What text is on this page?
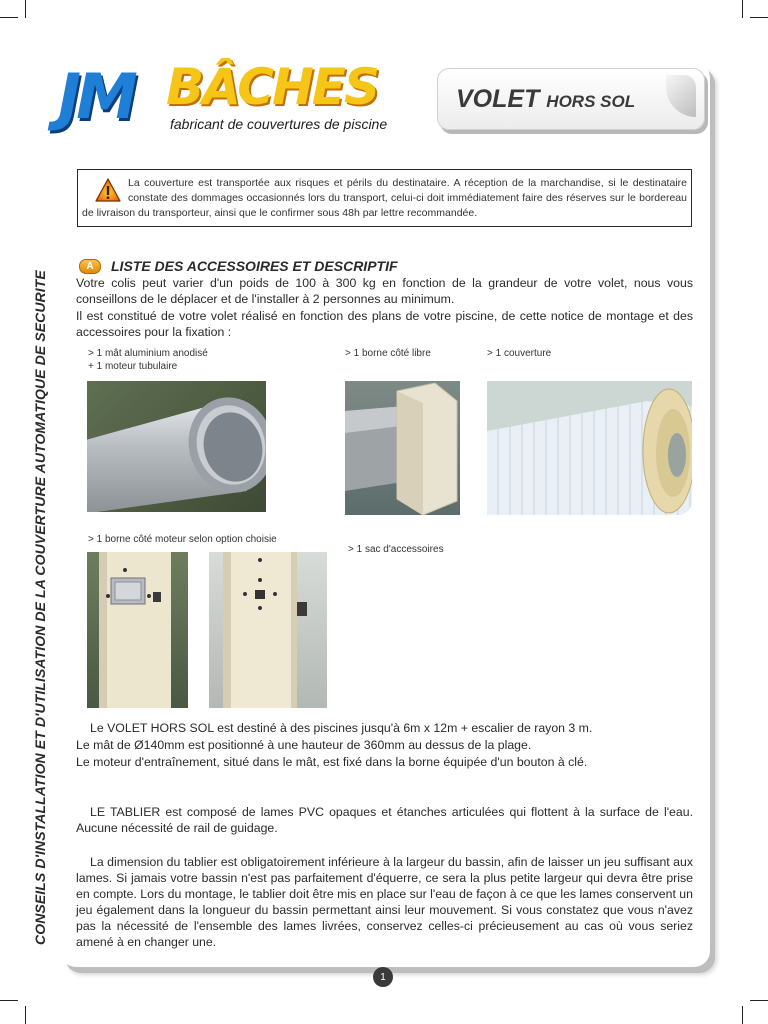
JM BÂCHES
fabricant de couvertures de piscine
VOLET HORS SOL
La couverture est transportée aux risques et périls du destinataire. A réception de la marchandise, si le destinataire constate des dommages occasionnés lors du transport, celui-ci doit immédiatement faire des réserves sur le bordereau de livraison du transporteur, ainsi que le confirmer sous 48h par lettre recommandée.
CONSEILS D'INSTALLATION ET D'UTILISATION DE LA COUVERTURE AUTOMATIQUE DE SECURITE
A	LISTE DES ACCESSOIRES ET DESCRIPTIF
Votre colis peut varier d'un poids de 100 à 300 kg en fonction de la grandeur de votre volet, nous vous conseillons de le déplacer et de l'installer à 2 personnes au minimum.
Il est constitué de votre volet réalisé en fonction des plans de votre piscine, de cette notice de montage et des accessoires pour la fixation :
> 1 mât aluminium anodisé
+ 1 moteur tubulaire
> 1 borne côté libre	> 1 couverture
> 1 borne côté moteur selon option choisie
> 1 sac d'accessoires
Le VOLET HORS SOL est destiné à des piscines jusqu'à 6m x 12m + escalier de rayon 3 m.
Le mât de Ø140mm est positionné à une hauteur de 360mm au dessus de la plage.
Le moteur d'entraînement, situé dans le mât, est fixé dans la borne équipée d'un bouton à clé.
LE TABLIER est composé de lames PVC opaques et étanches articulées qui flottent à la surface de l'eau. Aucune nécessité de rail de guidage.
La dimension du tablier est obligatoirement inférieure à la largeur du bassin, afin de laisser un jeu suffisant aux lames. Si jamais votre bassin n'est pas parfaitement d'équerre, ce sera la plus petite largeur qui devra être prise en compte. Lors du montage, le tablier doit être mis en place sur l'eau de façon à ce que les lames conservent un jeu également dans la longueur du bassin permettant ainsi leur mouvement. Si vous constatez que vous n'avez pas la nécessité de l'ensemble des lames livrées, conservez celles-ci précieusement au cas où vous seriez amené à en changer une.
1
